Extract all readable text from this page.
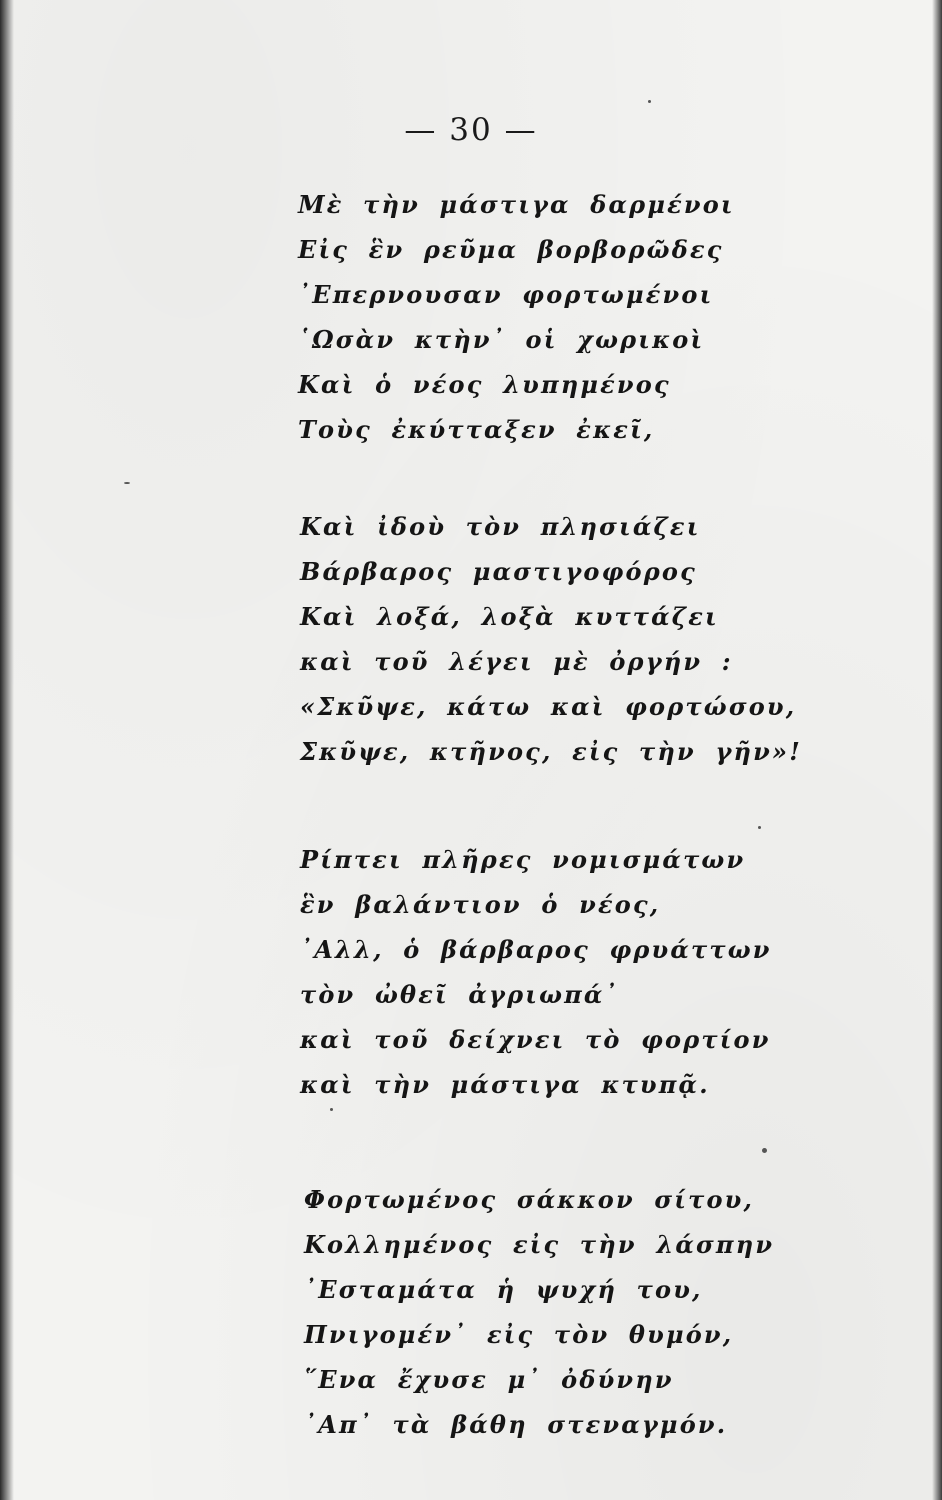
— 30 —
Μὲ τὴν μάστιγα δαρμένοι
Εἰς ἓν ρεῦμα βορβορῶδες
᾿Επερνουσαν φορτωμένοι
῾Ωσὰν κτὴν᾿ οἱ χωρικοὶ
Καὶ ὁ νέος λυπημένος
Τοὺς ἐκύτταξεν ἐκεῖ,
Καὶ ἰδοὺ τὸν πλησιάζει
Βάρβαρος μαστιγοφόρος
Καὶ λοξά, λοξὰ κυττάζει
καὶ τοῦ λέγει μὲ ὀργήν :
«Σκῦψε, κάτω καὶ φορτώσου,
Σκῦψε, κτῆνος, εἰς τὴν γῆν»!
Ρίπτει πλῆρες νομισμάτων
ἓν βαλάντιον ὁ νέος,
᾿Αλλ, ὁ βάρβαρος φρυάττων
τὸν ὠθεῖ ἀγριωπά᾿
καὶ τοῦ δείχνει τὸ φορτίον
καὶ τὴν μάστιγα κτυπᾷ.
Φορτωμένος σάκκον σίτου,
Κολλημένος εἰς τὴν λάσπην
᾿Εσταμάτα ἡ ψυχή του,
Πνιγομέν᾿ εἰς τὸν θυμόν,
῞Ενα ἔχυσε μ᾿ ὀδύνην
᾿Απ᾿ τὰ βάθη στεναγμόν.
